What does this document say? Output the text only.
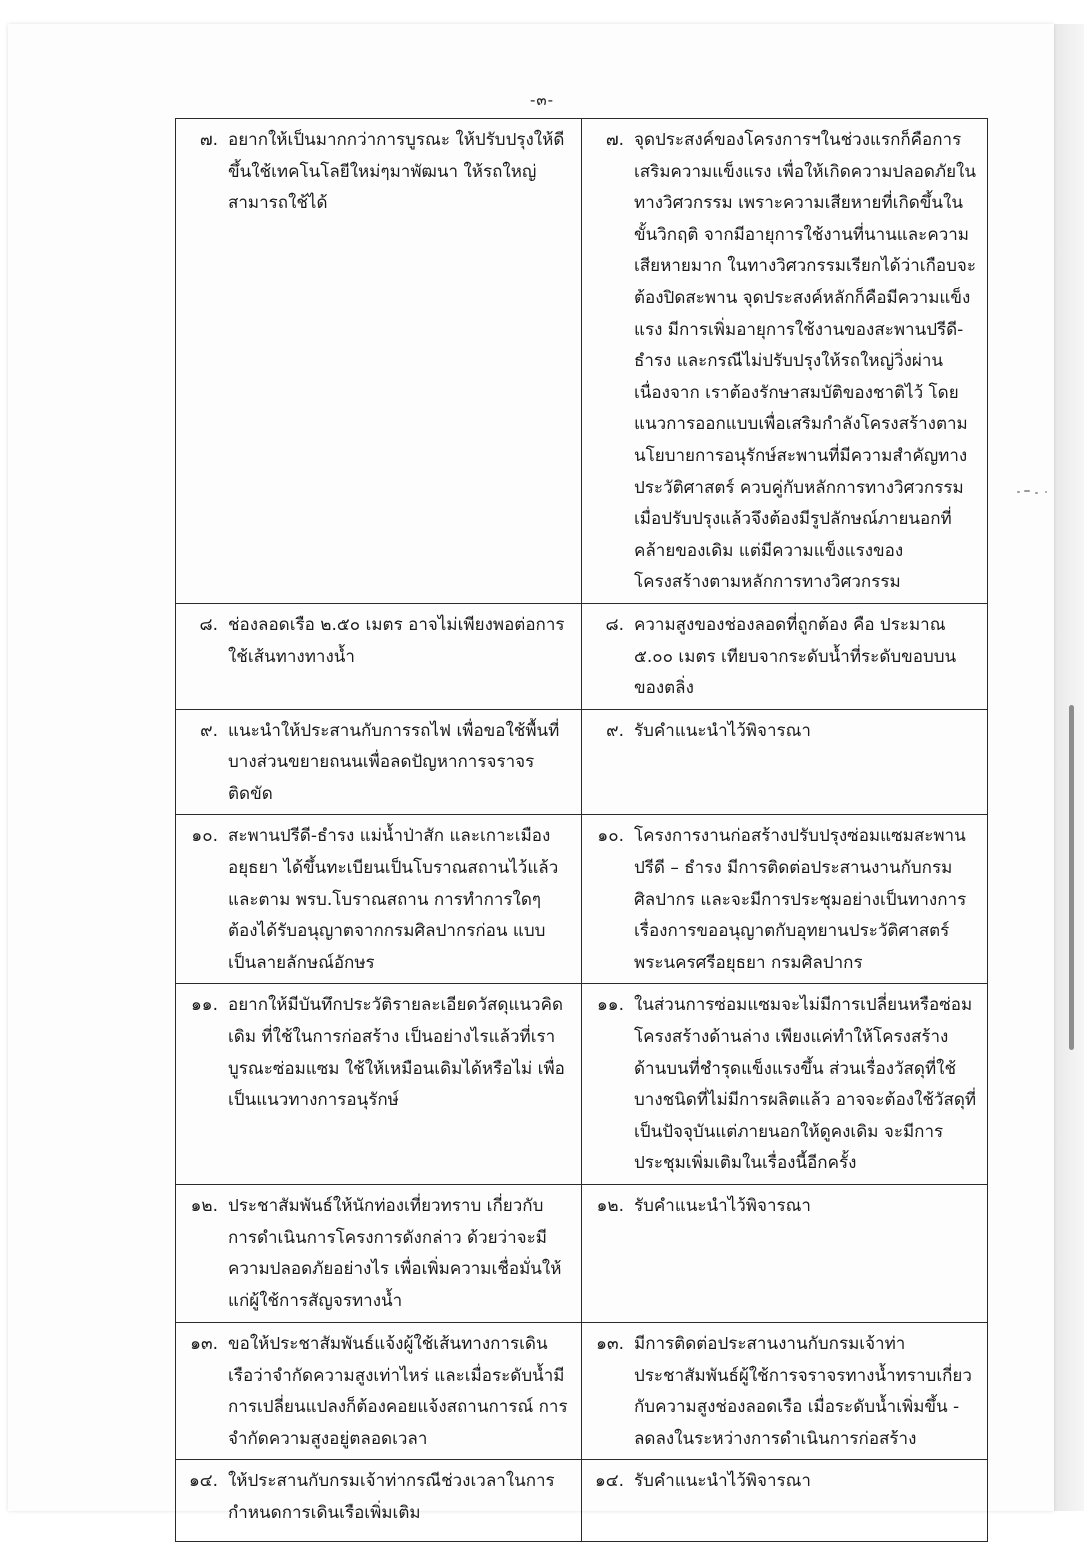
-๓-
๗. อยากให้เป็นมากกว่าการบูรณะ ให้ปรับปรุงให้ดีขึ้นใช้เทคโนโลยีใหม่ๆมาพัฒนา ให้รถใหญ่สามารถใช้ได้	๗. จุดประสงค์ของโครงการฯในช่วงแรกก็คือการเสริมความแข็งแรง เพื่อให้เกิดความปลอดภัยในทางวิศวกรรม เพราะความเสียหายที่เกิดขึ้นในขั้นวิกฤติ จากมีอายุการใช้งานที่นานและความเสียหายมาก ในทางวิศวกรรมเรียกได้ว่าเกือบจะต้องปิดสะพาน จุดประสงค์หลักก็คือมีความแข็งแรง มีการเพิ่มอายุการใช้งานของสะพานปรีดี-ธำรง และกรณีไม่ปรับปรุงให้รถใหญ่วิ่งผ่านเนื่องจาก เราต้องรักษาสมบัติของชาติไว้ โดยแนวการออกแบบเพื่อเสริมกำลังโครงสร้างตามนโยบายการอนุรักษ์สะพานที่มีความสำคัญทางประวัติศาสตร์ ควบคู่กับหลักการทางวิศวกรรม เมื่อปรับปรุงแล้วจึงต้องมีรูปลักษณ์ภายนอกที่คล้ายของเดิม แต่มีความแข็งแรงของโครงสร้างตามหลักการทางวิศวกรรม

๘. ช่องลอดเรือ ๒.๕๐ เมตร อาจไม่เพียงพอต่อการใช้เส้นทางทางน้ำ	๘. ความสูงของช่องลอดที่ถูกต้อง คือ ประมาณ ๕.๐๐ เมตร เทียบจากระดับน้ำที่ระดับขอบบนของตลิ่ง

๙. แนะนำให้ประสานกับการรถไฟ เพื่อขอใช้พื้นที่บางส่วนขยายถนนเพื่อลดปัญหาการจราจรติดขัด	๙. รับคำแนะนำไว้พิจารณา

๑๐. สะพานปรีดี-ธำรง แม่น้ำป่าสัก และเกาะเมืองอยุธยา ได้ขึ้นทะเบียนเป็นโบราณสถานไว้แล้ว และตาม พรบ.โบราณสถาน การทำการใดๆ ต้องได้รับอนุญาตจากกรมศิลปากรก่อน แบบเป็นลายลักษณ์อักษร	๑๐. โครงการงานก่อสร้างปรับปรุงซ่อมแซมสะพานปรีดี – ธำรง มีการติดต่อประสานงานกับกรมศิลปากร และจะมีการประชุมอย่างเป็นทางการ เรื่องการขออนุญาตกับอุทยานประวัติศาสตร์พระนครศรีอยุธยา กรมศิลปากร

๑๑. อยากให้มีบันทึกประวัติรายละเอียดวัสดุแนวคิดเดิม ที่ใช้ในการก่อสร้าง เป็นอย่างไรแล้วที่เราบูรณะซ่อมแซม ใช้ให้เหมือนเดิมได้หรือไม่ เพื่อเป็นแนวทางการอนุรักษ์	๑๑. ในส่วนการซ่อมแซมจะไม่มีการเปลี่ยนหรือซ่อมโครงสร้างด้านล่าง เพียงแค่ทำให้โครงสร้างด้านบนที่ชำรุดแข็งแรงขึ้น ส่วนเรื่องวัสดุที่ใช้ บางชนิดที่ไม่มีการผลิตแล้ว อาจจะต้องใช้วัสดุที่เป็นปัจจุบันแต่ภายนอกให้ดูคงเดิม จะมีการประชุมเพิ่มเติมในเรื่องนี้อีกครั้ง

๑๒. ประชาสัมพันธ์ให้นักท่องเที่ยวทราบ เกี่ยวกับการดำเนินการโครงการดังกล่าว ด้วยว่าจะมีความปลอดภัยอย่างไร เพื่อเพิ่มความเชื่อมั่นให้แก่ผู้ใช้การสัญจรทางน้ำ	๑๒. รับคำแนะนำไว้พิจารณา

๑๓. ขอให้ประชาสัมพันธ์แจ้งผู้ใช้เส้นทางการเดินเรือว่าจำกัดความสูงเท่าไหร่ และเมื่อระดับน้ำมีการเปลี่ยนแปลงก็ต้องคอยแจ้งสถานการณ์ การจำกัดความสูงอยู่ตลอดเวลา	๑๓. มีการติดต่อประสานงานกับกรมเจ้าท่า ประชาสัมพันธ์ผู้ใช้การจราจรทางน้ำทราบเกี่ยวกับความสูงช่องลอดเรือ เมื่อระดับน้ำเพิ่มขึ้น - ลดลงในระหว่างการดำเนินการก่อสร้าง

๑๔. ให้ประสานกับกรมเจ้าท่ากรณีช่วงเวลาในการกำหนดการเดินเรือเพิ่มเติม	๑๔. รับคำแนะนำไว้พิจารณา
